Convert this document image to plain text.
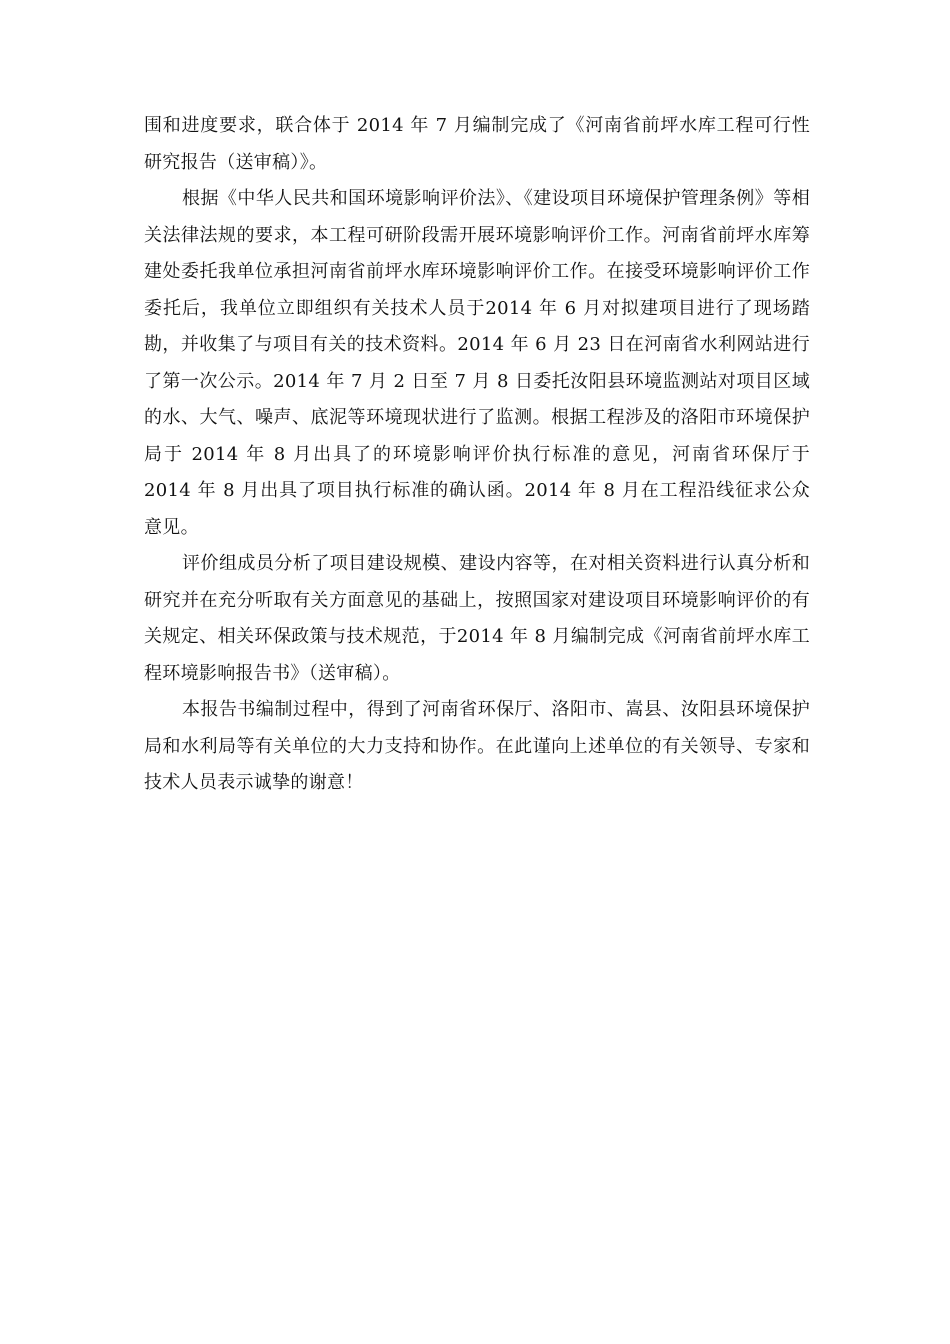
围和进度要求，联合体于 2014 年 7 月编制完成了《河南省前坪水库工程可行性研究报告（送审稿）》。

根据《中华人民共和国环境影响评价法》、《建设项目环境保护管理条例》等相关法律法规的要求，本工程可研阶段需开展环境影响评价工作。河南省前坪水库筹建处委托我单位承担河南省前坪水库环境影响评价工作。在接受环境影响评价工作委托后，我单位立即组织有关技术人员于2014 年 6 月对拟建项目进行了现场踏勘，并收集了与项目有关的技术资料。2014 年 6 月 23 日在河南省水利网站进行了第一次公示。2014 年 7 月 2 日至 7 月 8 日委托汝阳县环境监测站对项目区域的水、大气、噪声、底泥等环境现状进行了监测。根据工程涉及的洛阳市环境保护局于 2014 年 8 月出具了的环境影响评价执行标准的意见，河南省环保厅于 2014 年 8 月出具了项目执行标准的确认函。2014 年 8 月在工程沿线征求公众意见。

评价组成员分析了项目建设规模、建设内容等，在对相关资料进行认真分析和研究并在充分听取有关方面意见的基础上，按照国家对建设项目环境影响评价的有关规定、相关环保政策与技术规范，于2014 年 8 月编制完成《河南省前坪水库工程环境影响报告书》（送审稿）。

本报告书编制过程中，得到了河南省环保厅、洛阳市、嵩县、汝阳县环境保护局和水利局等有关单位的大力支持和协作。在此谨向上述单位的有关领导、专家和技术人员表示诚挚的谢意！
